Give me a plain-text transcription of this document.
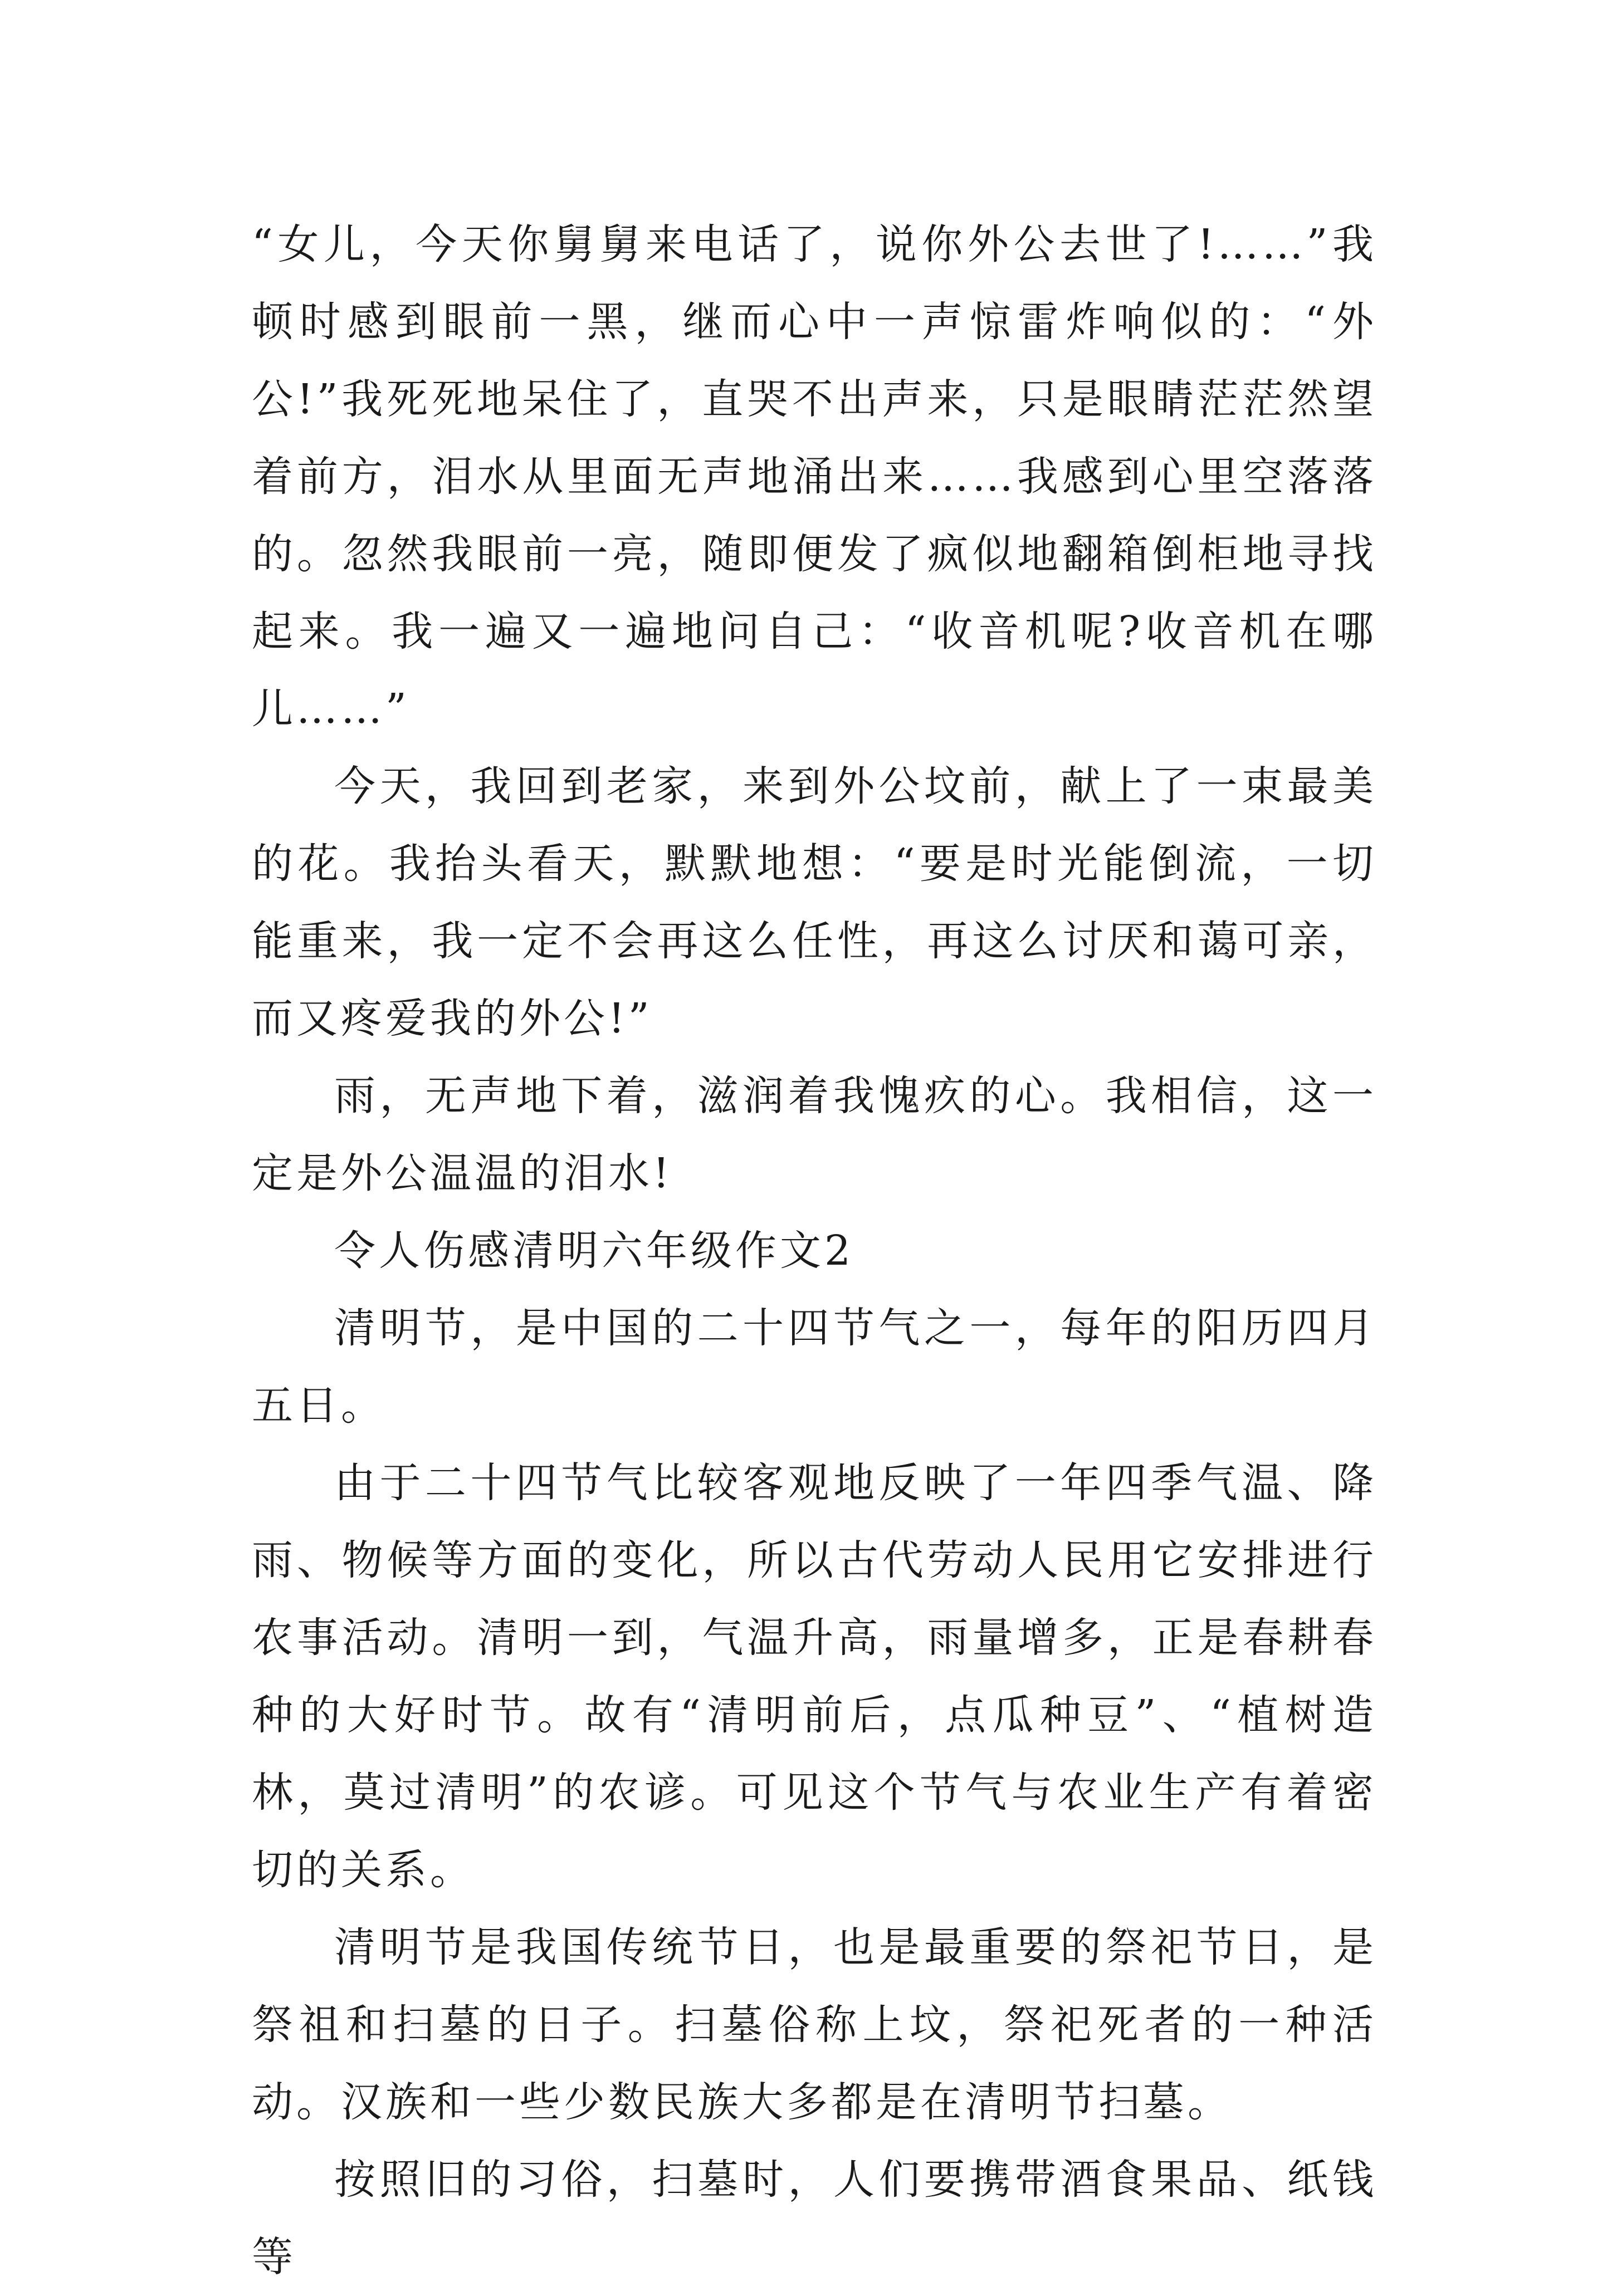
“女儿，今天你舅舅来电话了，说你外公去世了!……”我顿时感到眼前一黑，继而心中一声惊雷炸响似的：“外公!”我死死地呆住了，直哭不出声来，只是眼睛茫茫然望着前方，泪水从里面无声地涌出来……我感到心里空落落的。忽然我眼前一亮，随即便发了疯似地翻箱倒柜地寻找起来。我一遍又一遍地问自己：“收音机呢?收音机在哪儿……”

今天，我回到老家，来到外公坟前，献上了一束最美的花。我抬头看天，默默地想：“要是时光能倒流，一切能重来，我一定不会再这么任性，再这么讨厌和蔼可亲，而又疼爱我的外公!”

雨，无声地下着，滋润着我愧疚的心。我相信，这一定是外公温温的泪水!

令人伤感清明六年级作文2

清明节，是中国的二十四节气之一，每年的阳历四月五日。

由于二十四节气比较客观地反映了一年四季气温、降雨、物候等方面的变化，所以古代劳动人民用它安排进行农事活动。清明一到，气温升高，雨量增多，正是春耕春种的大好时节。故有“清明前后，点瓜种豆”、“植树造林，莫过清明”的农谚。可见这个节气与农业生产有着密切的关系。

清明节是我国传统节日，也是最重要的祭祀节日，是祭祖和扫墓的日子。扫墓俗称上坟，祭祀死者的一种活动。汉族和一些少数民族大多都是在清明节扫墓。

按照旧的习俗，扫墓时，人们要携带酒食果品、纸钱等
